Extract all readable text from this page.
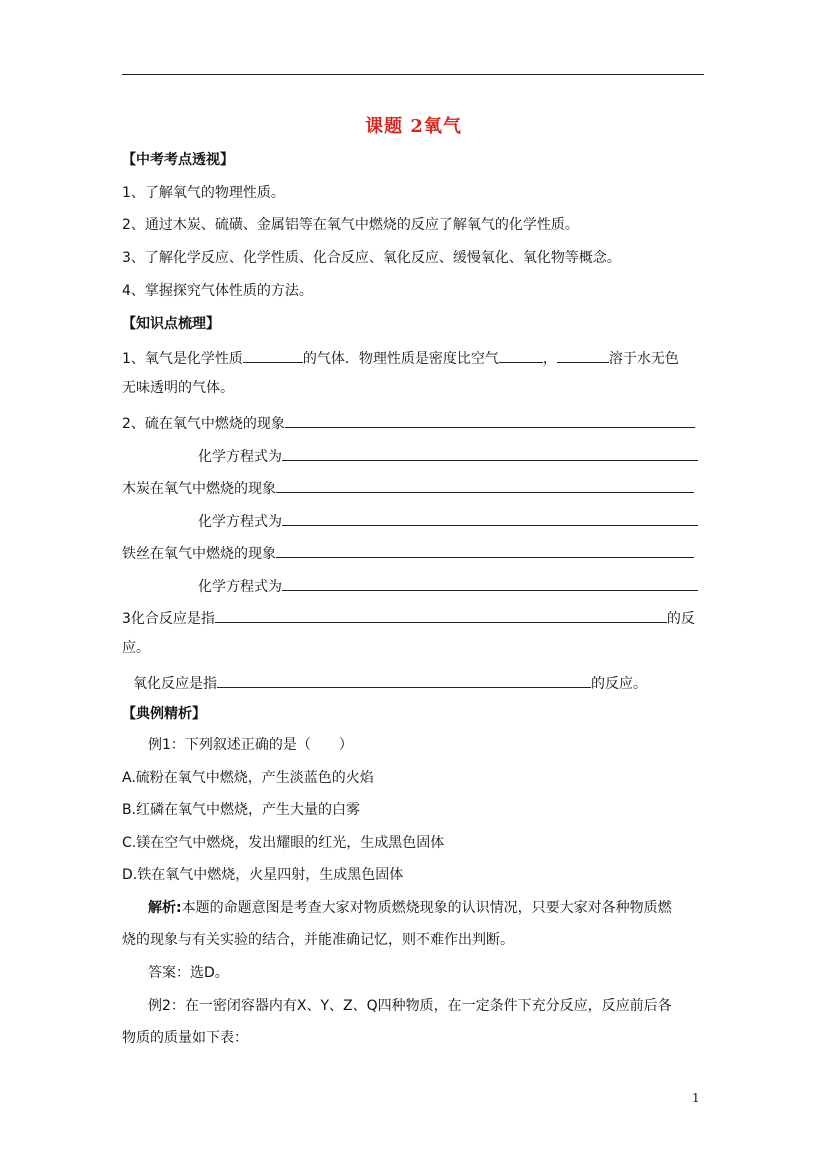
课题 2氧气
【中考考点透视】
1、了解氧气的物理性质。
2、通过木炭、硫磺、金属铝等在氧气中燃烧的反应了解氧气的化学性质。
3、了解化学反应、化学性质、化合反应、氧化反应、缓慢氧化、氧化物等概念。
4、掌握探究气体性质的方法。
【知识点梳理】
1、氧气是化学性质	的气体．物理性质是密度比空气	，	溶于水无色
无味透明的气体。
2、硫在氧气中燃烧的现象
化学方程式为
木炭在氧气中燃烧的现象
化学方程式为
铁丝在氧气中燃烧的现象
化学方程式为
3化合反应是指	的反
应。
氧化反应是指	的反应。
【典例精析】
例1：下列叙述正确的是（　　）
A.硫粉在氧气中燃烧，产生淡蓝色的火焰
B.红磷在氧气中燃烧，产生大量的白雾
C.镁在空气中燃烧，发出耀眼的红光，生成黑色固体
D.铁在氧气中燃烧，火星四射，生成黑色固体
解析:本题的命题意图是考查大家对物质燃烧现象的认识情况，只要大家对各种物质燃
烧的现象与有关实验的结合，并能准确记忆，则不难作出判断。
答案：选D。
例2：在一密闭容器内有X、Y、Z、Q四种物质，在一定条件下充分反应，反应前后各
物质的质量如下表：
1
